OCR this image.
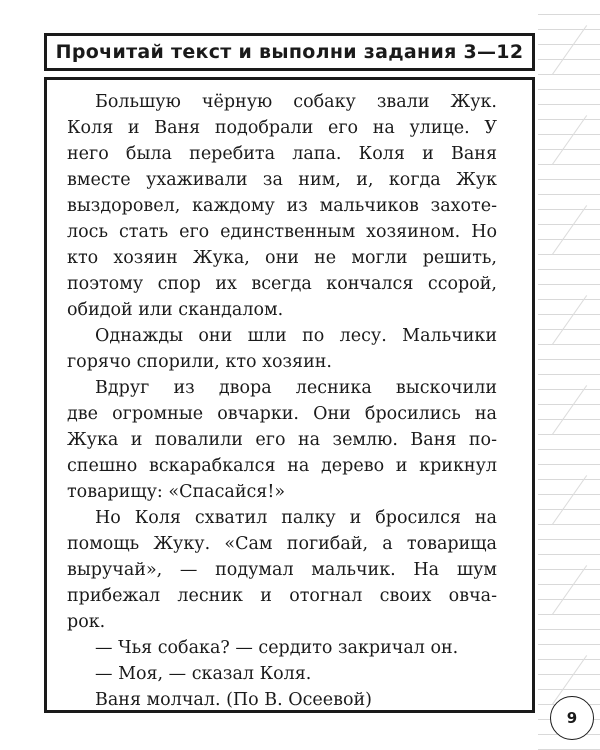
Прочитай текст и выполни задания 3—12
Большую чёрную собаку звали Жук.
Коля и Ваня подобрали его на улице. У
него была перебита лапа. Коля и Ваня
вместе ухаживали за ним, и, когда Жук
выздоровел, каждому из мальчиков захоте-
лось стать его единственным хозяином. Но
кто хозяин Жука, они не могли решить,
поэтому спор их всегда кончался ссорой,
обидой или скандалом.
Однажды они шли по лесу. Мальчики
горячо спорили, кто хозяин.
Вдруг из двора лесника выскочили
две огромные овчарки. Они бросились на
Жука и повалили его на землю. Ваня по-
спешно вскарабкался на дерево и крикнул
товарищу: «Спасайся!»
Но Коля схватил палку и бросился на
помощь Жуку. «Сам погибай, а товарища
выручай», — подумал мальчик. На шум
прибежал лесник и отогнал своих овча-
рок.
— Чья собака? — сердито закричал он.
— Моя, — сказал Коля.
Ваня молчал. (По В. Осеевой)
9
